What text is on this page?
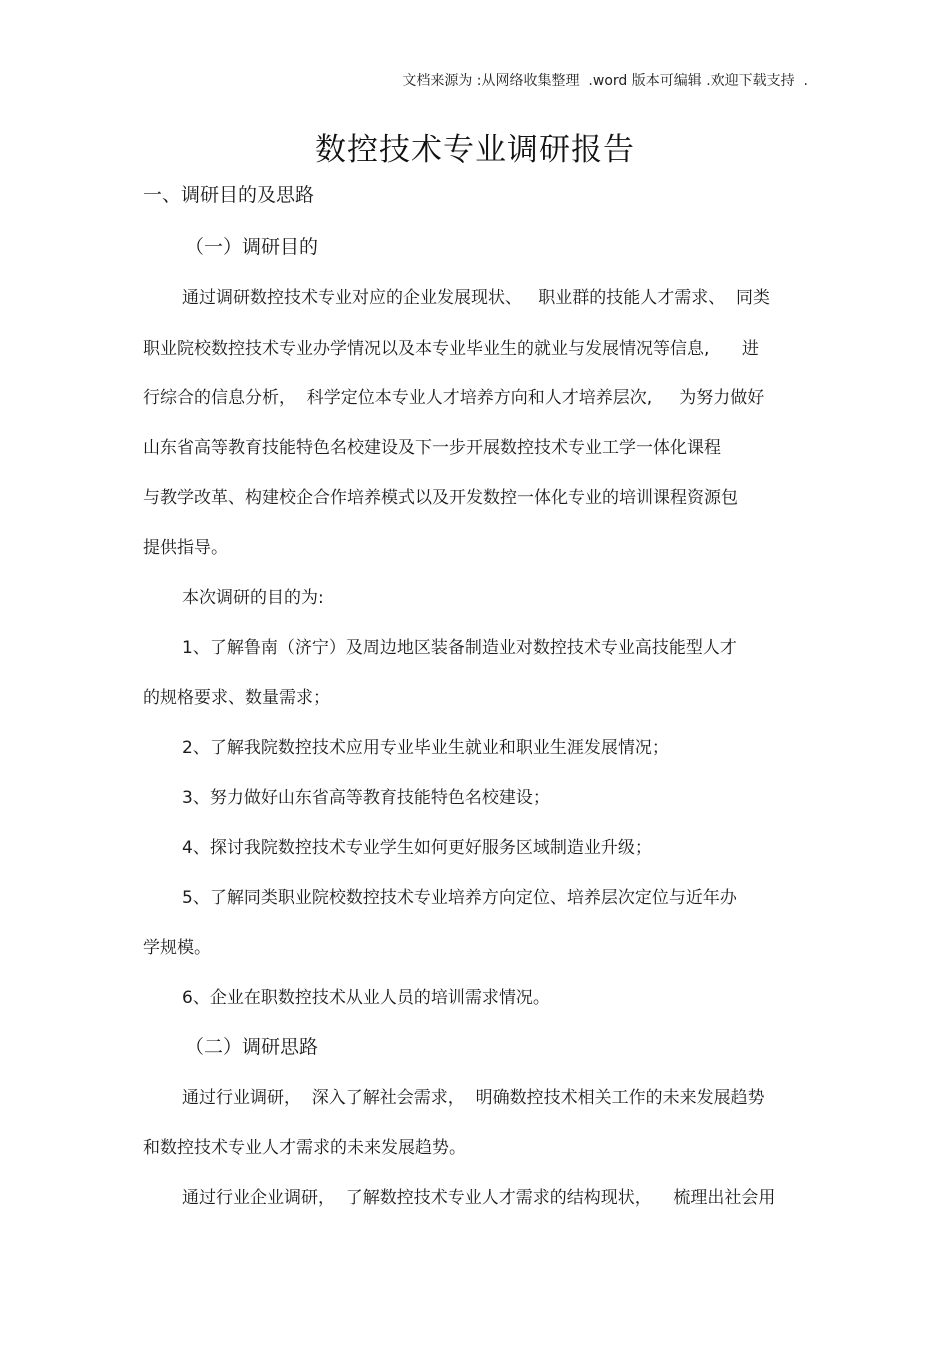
文档来源为 :从网络收集整理  .word 版本可编辑 .欢迎下载支持  .
数控技术专业调研报告
一、调研目的及思路
（一）调研目的
通过调研数控技术专业对应的企业发展现状、   职业群的技能人才需求、  同类
职业院校数控技术专业办学情况以及本专业毕业生的就业与发展情况等信息,      进
行综合的信息分析，  科学定位本专业人才培养方向和人才培养层次,     为努力做好
山东省高等教育技能特色名校建设及下一步开展数控技术专业工学一体化课程
与教学改革、构建校企合作培养模式以及开发数控一体化专业的培训课程资源包
提供指导。
本次调研的目的为:
1、了解鲁南（济宁）及周边地区装备制造业对数控技术专业高技能型人才
的规格要求、数量需求；
2、了解我院数控技术应用专业毕业生就业和职业生涯发展情况；
3、努力做好山东省高等教育技能特色名校建设；
4、探讨我院数控技术专业学生如何更好服务区域制造业升级；
5、了解同类职业院校数控技术专业培养方向定位、培养层次定位与近年办
学规模。
6、企业在职数控技术从业人员的培训需求情况。
（二）调研思路
通过行业调研，  深入了解社会需求，  明确数控技术相关工作的未来发展趋势
和数控技术专业人才需求的未来发展趋势。
通过行业企业调研，  了解数控技术专业人才需求的结构现状，    梳理出社会用
